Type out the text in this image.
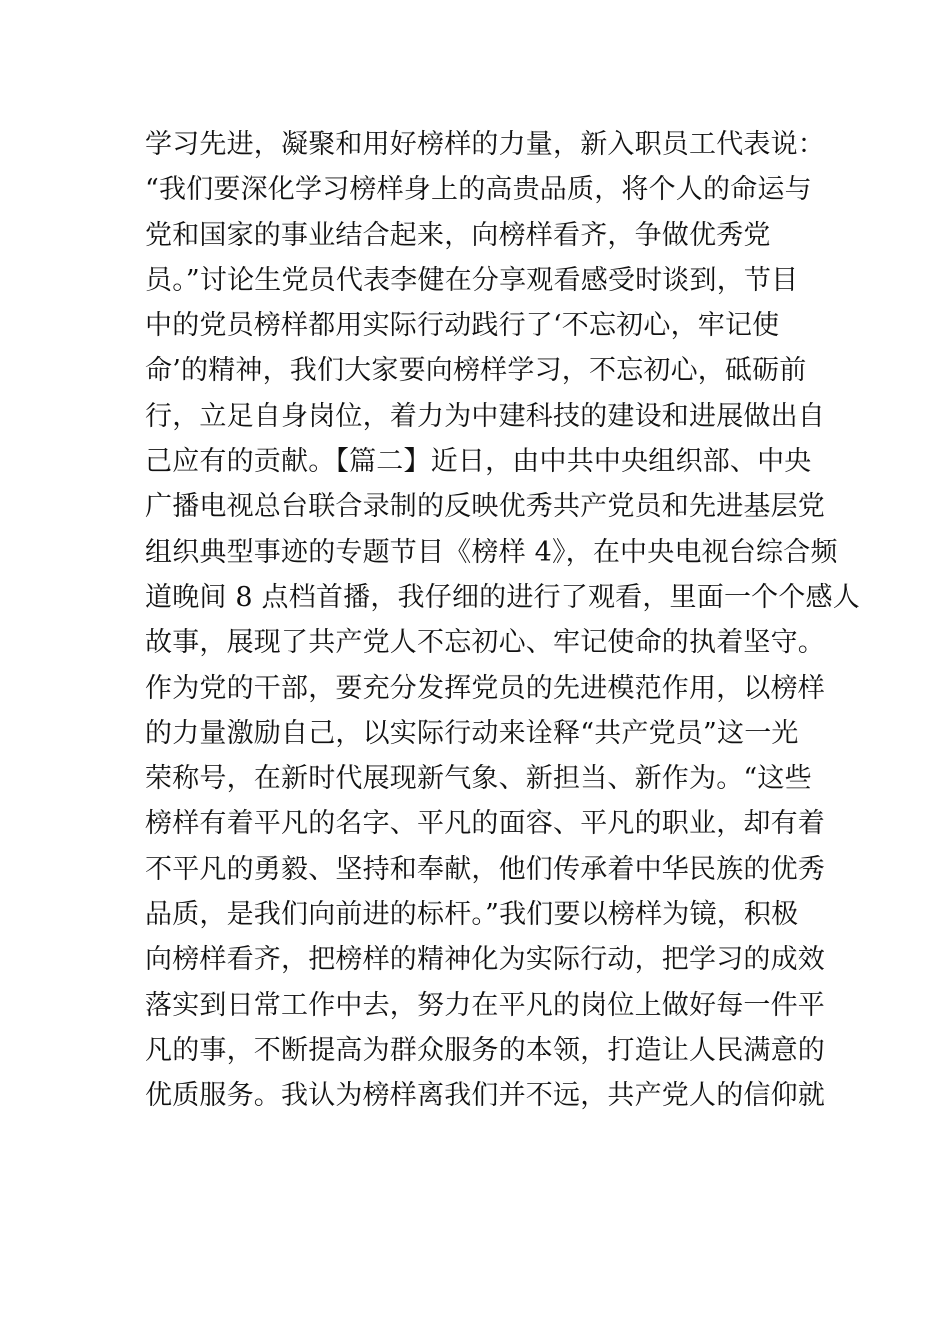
学习先进，凝聚和用好榜样的力量，新入职员工代表说：
“我们要深化学习榜样身上的高贵品质，将个人的命运与
党和国家的事业结合起来，向榜样看齐，争做优秀党
员。”讨论生党员代表李健在分享观看感受时谈到，节目
中的党员榜样都用实际行动践行了‘不忘初心，牢记使
命’的精神，我们大家要向榜样学习，不忘初心，砥砺前
行，立足自身岗位，着力为中建科技的建设和进展做出自
己应有的贡献。【篇二】近日，由中共中央组织部、中央
广播电视总台联合录制的反映优秀共产党员和先进基层党
组织典型事迹的专题节目《榜样 4》，在中央电视台综合频
道晚间 8 点档首播，我仔细的进行了观看，里面一个个感人
故事，展现了共产党人不忘初心、牢记使命的执着坚守。
作为党的干部，要充分发挥党员的先进模范作用，以榜样
的力量激励自己，以实际行动来诠释“共产党员”这一光
荣称号，在新时代展现新气象、新担当、新作为。“这些
榜样有着平凡的名字、平凡的面容、平凡的职业，却有着
不平凡的勇毅、坚持和奉献，他们传承着中华民族的优秀
品质，是我们向前进的标杆。”我们要以榜样为镜，积极
向榜样看齐，把榜样的精神化为实际行动，把学习的成效
落实到日常工作中去，努力在平凡的岗位上做好每一件平
凡的事，不断提高为群众服务的本领，打造让人民满意的
优质服务。我认为榜样离我们并不远，共产党人的信仰就
